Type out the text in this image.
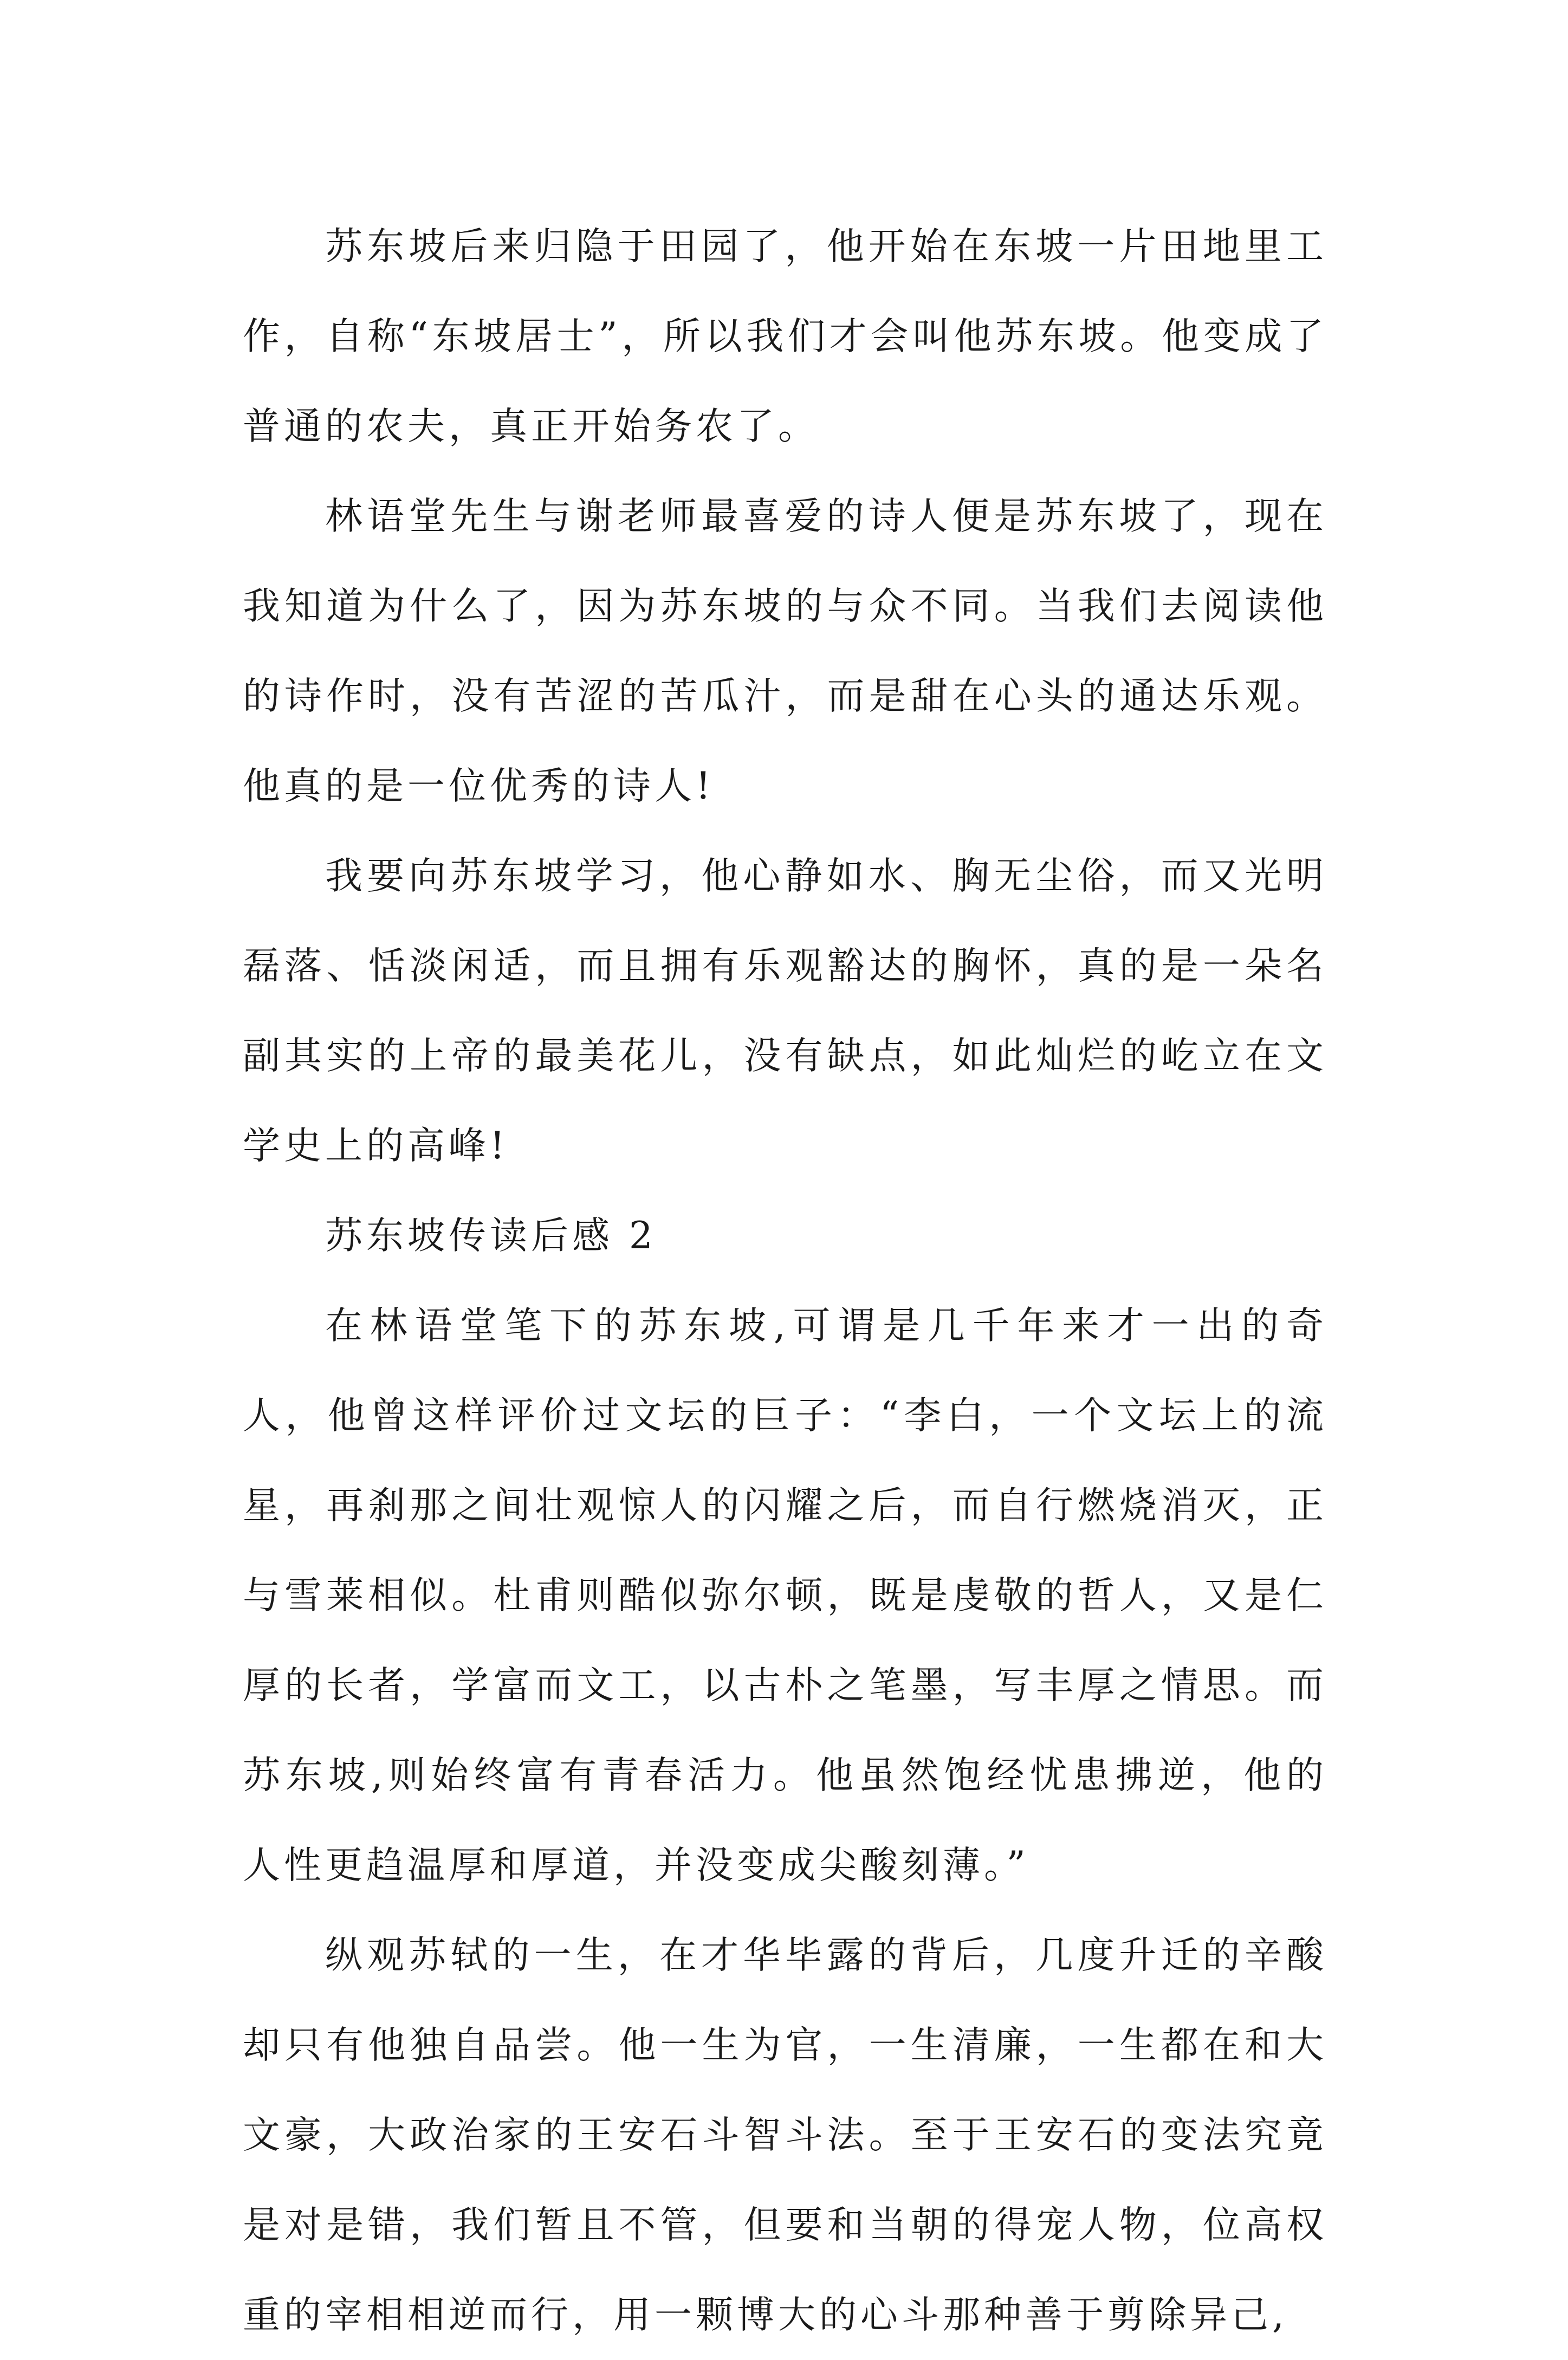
苏东坡后来归隐于田园了，他开始在东坡一片田地里工作，自称“东坡居士”，所以我们才会叫他苏东坡。他变成了普通的农夫，真正开始务农了。

林语堂先生与谢老师最喜爱的诗人便是苏东坡了，现在我知道为什么了，因为苏东坡的与众不同。当我们去阅读他的诗作时，没有苦涩的苦瓜汁，而是甜在心头的通达乐观。他真的是一位优秀的诗人!

我要向苏东坡学习，他心静如水、胸无尘俗，而又光明磊落、恬淡闲适，而且拥有乐观豁达的胸怀，真的是一朵名副其实的上帝的最美花儿，没有缺点，如此灿烂的屹立在文学史上的高峰!

苏东坡传读后感 2

在林语堂笔下的苏东坡,可谓是几千年来才一出的奇人，他曾这样评价过文坛的巨子：“李白，一个文坛上的流星，再刹那之间壮观惊人的闪耀之后，而自行燃烧消灭，正与雪莱相似。杜甫则酷似弥尔顿，既是虔敬的哲人，又是仁厚的长者，学富而文工，以古朴之笔墨，写丰厚之情思。而苏东坡,则始终富有青春活力。他虽然饱经忧患拂逆，他的人性更趋温厚和厚道，并没变成尖酸刻薄。”

纵观苏轼的一生，在才华毕露的背后，几度升迁的辛酸却只有他独自品尝。他一生为官，一生清廉，一生都在和大文豪，大政治家的王安石斗智斗法。至于王安石的变法究竟是对是错，我们暂且不管，但要和当朝的得宠人物，位高权重的宰相相逆而行，用一颗博大的心斗那种善于剪除异己,
